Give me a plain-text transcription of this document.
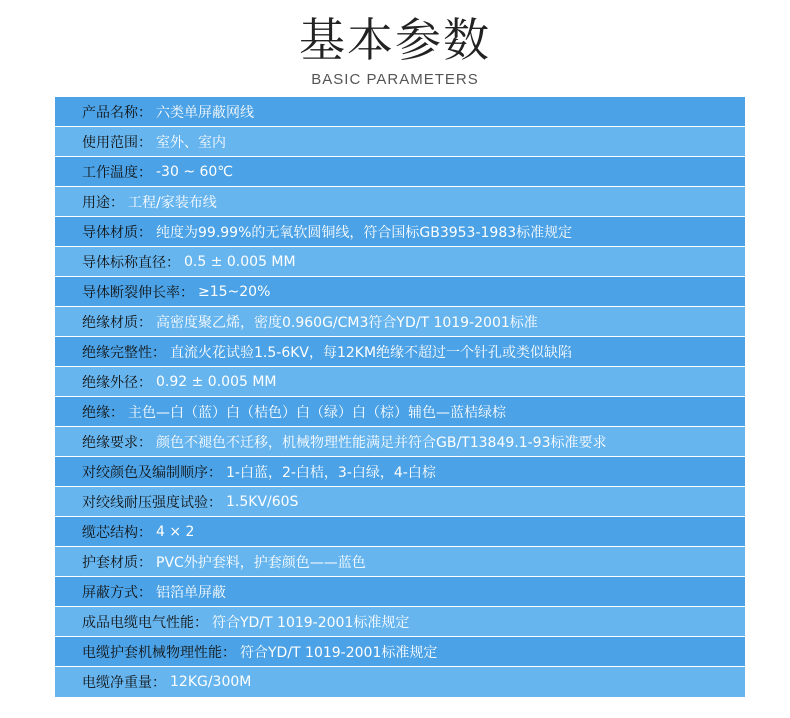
基本参数
BASIC PARAMETERS
产品名称： 六类单屏蔽网线
使用范围： 室外、室内
工作温度： -30 ~ 60℃
用途： 工程/家装布线
导体材质： 纯度为99.99%的无氧软圆铜线，符合国标GB3953-1983标准规定
导体标称直径： 0.5 ± 0.005 MM
导体断裂伸长率： ≥15~20%
绝缘材质： 高密度聚乙烯，密度0.960G/CM3符合YD/T 1019-2001标准
绝缘完整性： 直流火花试验1.5-6KV，每12KM绝缘不超过一个针孔或类似缺陷
绝缘外径： 0.92 ± 0.005 MM
绝缘： 主色—白（蓝）白（桔色）白（绿）白（棕）辅色—蓝桔绿棕
绝缘要求： 颜色不褪色不迁移，机械物理性能满足并符合GB/T13849.1-93标准要求
对绞颜色及编制顺序： 1-白蓝，2-白桔，3-白绿，4-白棕
对绞线耐压强度试验： 1.5KV/60S
缆芯结构： 4 × 2
护套材质： PVC外护套料，护套颜色——蓝色
屏蔽方式： 铝箔单屏蔽
成品电缆电气性能： 符合YD/T 1019-2001标准规定
电缆护套机械物理性能： 符合YD/T 1019-2001标准规定
电缆净重量： 12KG/300M
